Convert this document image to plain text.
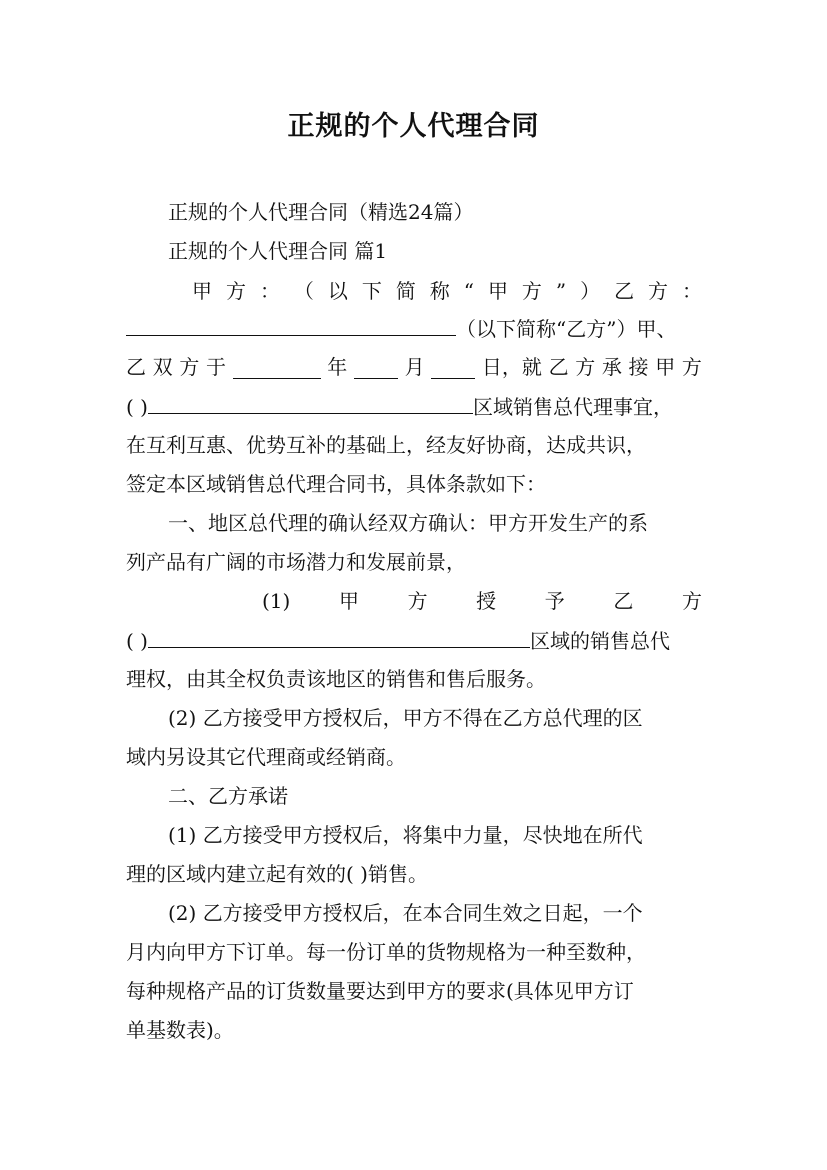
正规的个人代理合同
正规的个人代理合同（精选24篇）
正规的个人代理合同 篇1
甲 方 ： （ 以 下 简 称 “ 甲 方 ” ） 乙 方 ：
（以下简称“乙方”）甲、
乙 双 方 于	年	月	日，就 乙 方 承 接 甲 方
( )	区域销售总代理事宜，
在互利互惠、优势互补的基础上，经友好协商，达成共识，
签定本区域销售总代理合同书，具体条款如下：
一、地区总代理的确认经双方确认：甲方开发生产的系
列产品有广阔的市场潜力和发展前景，
(1) 甲 方 授 予 乙 方
( )	区域的销售总代
理权，由其全权负责该地区的销售和售后服务。
(2) 乙方接受甲方授权后，甲方不得在乙方总代理的区
域内另设其它代理商或经销商。
二、乙方承诺
(1) 乙方接受甲方授权后，将集中力量，尽快地在所代
理的区域内建立起有效的( )销售。
(2) 乙方接受甲方授权后，在本合同生效之日起，一个
月内向甲方下订单。每一份订单的货物规格为一种至数种，
每种规格产品的订货数量要达到甲方的要求(具体见甲方订
单基数表)。
